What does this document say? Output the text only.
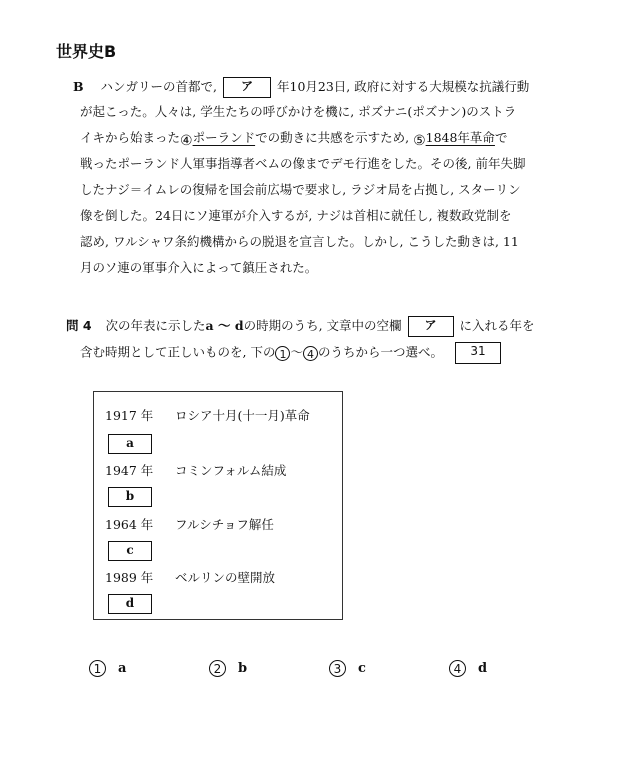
世界史B
B ハンガリーの首都で, ア 年10月23日, 政府に対する大規模な抗議行動
が起こった。人々は, 学生たちの呼びかけを機に, ポズナニ(ポズナン)のストラ
イキから始まった④ポーランドでの動きに共感を示すため, ⑤1848年革命で
戦ったポーランド人軍事指導者ベムの像までデモ行進をした。その後, 前年失脚
したナジ＝イムレの復帰を国会前広場で要求し, ラジオ局を占拠し, スターリン
像を倒した。24日にソ連軍が介入するが, ナジは首相に就任し, 複数政党制を
認め, ワルシャワ条約機構からの脱退を宣言した。しかし, こうした動きは, 11
月のソ連の軍事介入によって鎮圧された。
問 4 次の年表に示したa ～ dの時期のうち, 文章中の空欄 ア に入れる年を
含む時期として正しいものを, 下の 1 ～ 4 のうちから一つ選べ。 31
1917 年 ロシア十月(十一月)革命
a
1947 年 コミンフォルム結成
b
1964 年 フルシチョフ解任
c
1989 年 ベルリンの壁開放
d
1 a	2 b	3 c	4 d
